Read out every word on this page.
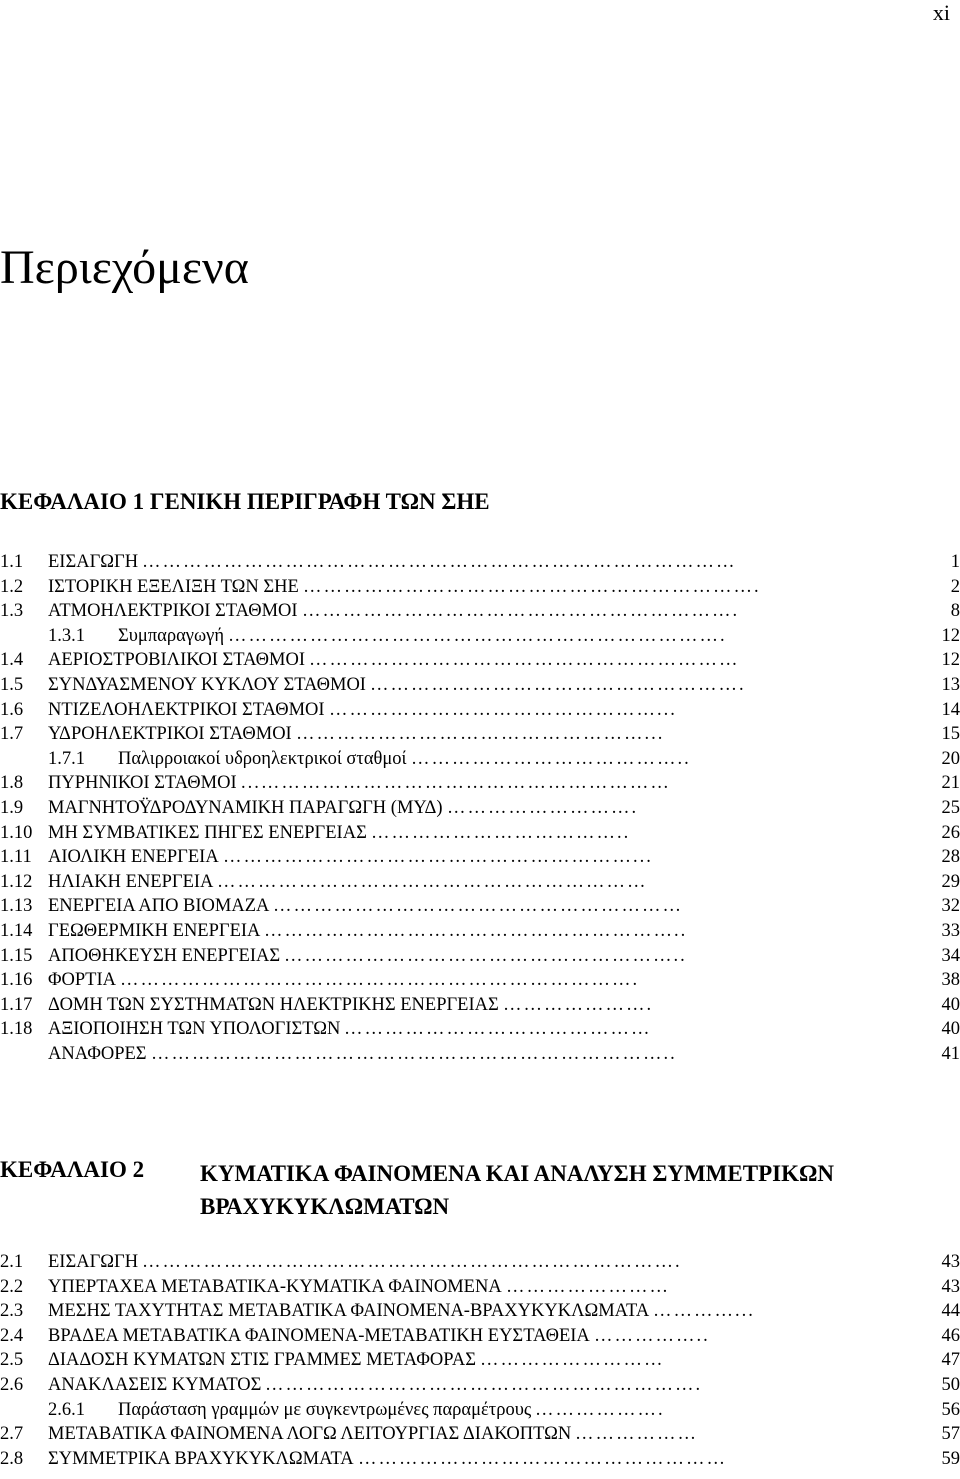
xi
Περιεχόμενα
ΚΕΦΑΛΑΙΟ 1 ΓΕΝΙΚΗ ΠΕΡΙΓΡΑΦΗ ΤΩΝ ΣΗΕ
1.1 ΕΙΣΑΓΩΓΗ ……………………………………………………………………………	1
1.2 ΙΣΤΟΡΙΚΗ ΕΞΕΛΙΞΗ ΤΩΝ ΣΗΕ ………………………………………………………….	2
1.3 ΑΤΜΟΗΛΕΚΤΡΙΚΟΙ ΣΤΑΘΜΟΙ ……………………………………………………….	8
1.3.1 Συμπαραγωγή ……………………………………………………………….	12
1.4 ΑΕΡΙΟΣΤΡΟΒΙΛΙΚΟΙ ΣΤΑΘΜΟΙ ………………………………………………………	12
1.5 ΣΥΝΔΥΑΣΜΕΝΟΥ ΚΥΚΛΟΥ ΣΤΑΘΜΟΙ ……………………………………………….	13
1.6 ΝΤΙΖΕΛΟΗΛΕΚΤΡΙΚΟΙ ΣΤΑΘΜΟΙ …………………………………………...	14
1.7 ΥΔΡΟΗΛΕΚΤΡΙΚΟΙ ΣΤΑΘΜΟΙ ……………………………………………...	15
1.7.1 Παλιρροιακοί υδροηλεκτρικοί σταθμοί …………………………………..	20
1.8 ΠΥΡΗΝΙΚΟΙ ΣΤΑΘΜΟΙ ...……………………………………………………	21
1.9 ΜΑΓΝΗΤΟΫΔΡΟΔΥΝΑΜΙΚΗ ΠΑΡΑΓΩΓΗ (ΜΥΔ) ……………………….	25
1.10 ΜΗ ΣΥΜΒΑΤΙΚΕΣ ΠΗΓΕΣ ΕΝΕΡΓΕΙΑΣ ………………………………..	26
1.11 ΑΙΟΛΙΚΗ ΕΝΕΡΓΕΙΑ ……………………………………………………...	28
1.12 ΗΛΙΑΚΗ ΕΝΕΡΓΕΙΑ ………………………………………………………	29
1.13 ΕΝΕΡΓΕΙΑ ΑΠΟ ΒΙΟΜΑΖΑ ……………………………………………………	32
1.14 ΓΕΩΘΕΡΜΙΚΗ ΕΝΕΡΓΕΙΑ ……………………………………………………..	33
1.15 ΑΠΟΘΗΚΕΥΣΗ ΕΝΕΡΓΕΙΑΣ …………………………………………………..	34
1.16 ΦΟΡΤΙΑ ………………………………………………………………….	38
1.17 ΔΟΜΗ ΤΩΝ ΣΥΣΤΗΜΑΤΩΝ ΗΛΕΚΤΡΙΚΗΣ ΕΝΕΡΓΕΙΑΣ ………………….	40
1.18 ΑΞΙΟΠΟΙΗΣΗ ΤΩΝ ΥΠΟΛΟΓΙΣΤΩΝ ………………………………………	40
ΑΝΑΦΟΡΕΣ …………………………………………………………………..	41
ΚΕΦΑΛΑΙΟ 2 ΚΥΜΑΤΙΚΑ ΦΑΙΝΟΜΕΝΑ ΚΑΙ ΑΝΑΛΥΣΗ ΣΥΜΜΕΤΡΙΚΩΝ ΒΡΑΧΥΚΥΚΛΩΜΑΤΩΝ
2.1 ΕΙΣΑΓΩΓΗ …………………………………………………………………….	43
2.2 ΥΠΕΡΤΑΧΕΑ ΜΕΤΑΒΑΤΙΚΑ-ΚΥΜΑΤΙΚΑ ΦΑΙΝΟΜΕΝΑ ……………………	43
2.3 ΜΕΣΗΣ ΤΑΧΥΤΗΤΑΣ ΜΕΤΑΒΑΤΙΚΑ ΦΑΙΝΟΜΕΝΑ-ΒΡΑΧΥΚΥΚΛΩΜΑΤΑ …………...	44
2.4 ΒΡΑΔΕΑ ΜΕΤΑΒΑΤΙΚΑ ΦΑΙΝΟΜΕΝΑ-ΜΕΤΑΒΑΤΙΚΗ ΕΥΣΤΑΘΕΙΑ ……………..	46
2.5 ΔΙΑΔΟΣΗ ΚΥΜΑΤΩΝ ΣΤΙΣ ΓΡΑΜΜΕΣ ΜΕΤΑΦΟΡΑΣ ………………………	47
2.6 ΑΝΑΚΛΑΣΕΙΣ ΚΥΜΑΤΟΣ ……………………………………………………….	50
2.6.1 Παράσταση γραμμών με συγκεντρωμένες παραμέτρους ……………….	56
2.7 ΜΕΤΑΒΑΤΙΚΑ ΦΑΙΝΟΜΕΝΑ ΛΟΓΩ ΛΕΙΤΟΥΡΓΙΑΣ ΔΙΑΚΟΠΤΩΝ ………………	57
2.8 ΣΥΜΜΕΤΡΙΚΑ ΒΡΑΧΥΚΥΚΛΩΜΑΤΑ ………………………………………………	59
